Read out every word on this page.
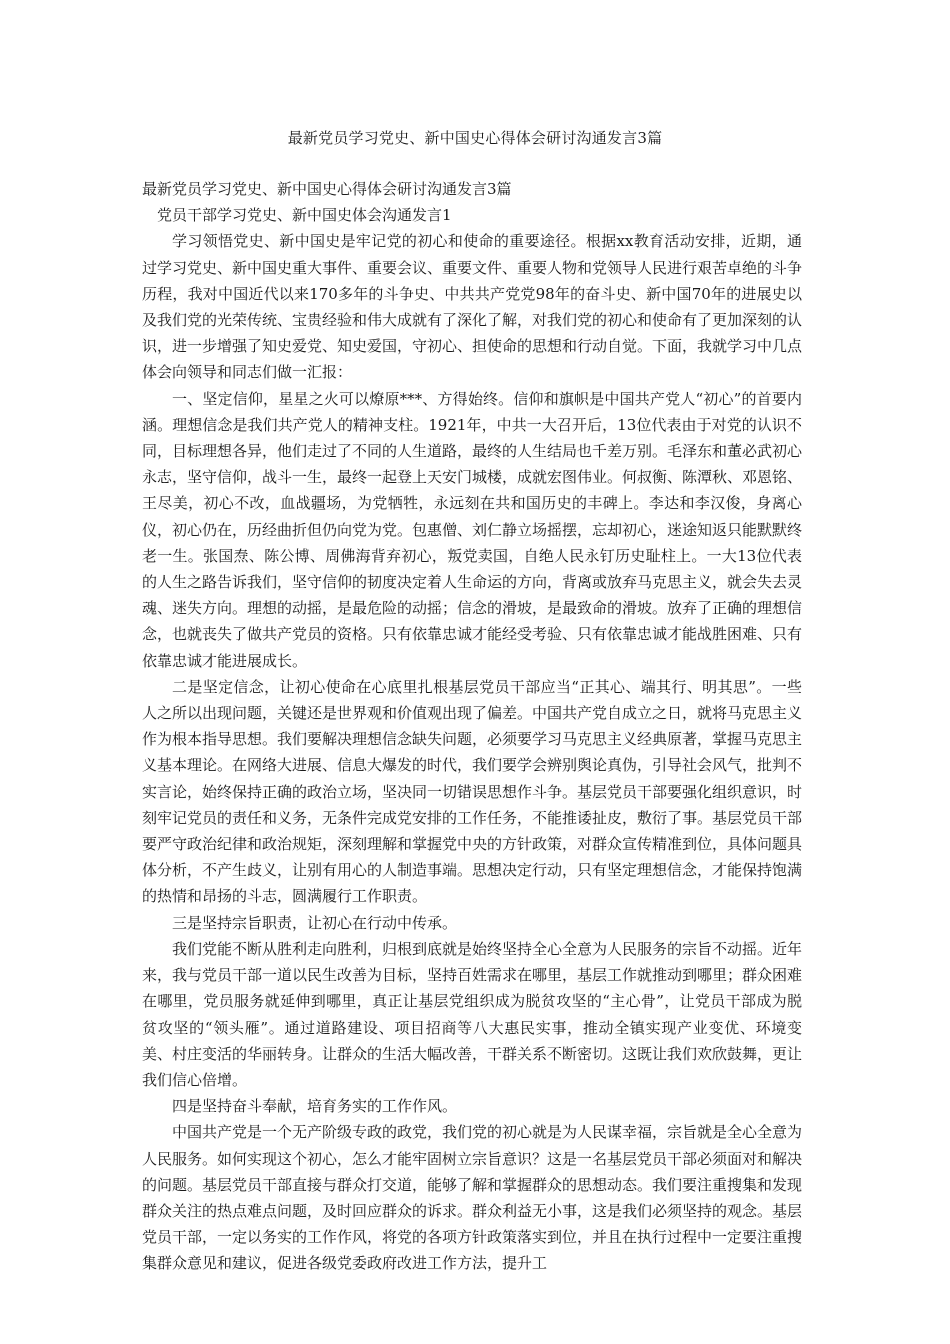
最新党员学习党史、新中国史心得体会研讨沟通发言3篇

最新党员学习党史、新中国史心得体会研讨沟通发言3篇

党员干部学习党史、新中国史体会沟通发言1

学习领悟党史、新中国史是牢记党的初心和使命的重要途径。根据xx教育活动安排，近期，通过学习党史、新中国史重大事件、重要会议、重要文件、重要人物和党领导人民进行艰苦卓绝的斗争历程，我对中国近代以来170多年的斗争史、中共共产党党98年的奋斗史、新中国70年的进展史以及我们党的光荣传统、宝贵经验和伟大成就有了深化了解，对我们党的初心和使命有了更加深刻的认识，进一步增强了知史爱党、知史爱国，守初心、担使命的思想和行动自觉。下面，我就学习中几点体会向领导和同志们做一汇报：

一、坚定信仰，星星之火可以燎原***、方得始终。信仰和旗帜是中国共产党人“初心”的首要内涵。理想信念是我们共产党人的精神支柱。1921年，中共一大召开后，13位代表由于对党的认识不同，目标理想各异，他们走过了不同的人生道路，最终的人生结局也千差万别。毛泽东和董必武初心永志，坚守信仰，战斗一生，最终一起登上天安门城楼，成就宏图伟业。何叔衡、陈潭秋、邓恩铭、王尽美，初心不改，血战疆场，为党牺牲，永远刻在共和国历史的丰碑上。李达和李汉俊，身离心仪，初心仍在，历经曲折但仍向党为党。包惠僧、刘仁静立场摇摆，忘却初心，迷途知返只能默默终老一生。张国焘、陈公博、周佛海背弃初心，叛党卖国，自绝人民永钉历史耻柱上。一大13位代表的人生之路告诉我们，坚守信仰的韧度决定着人生命运的方向，背离或放弃马克思主义，就会失去灵魂、迷失方向。理想的动摇，是最危险的动摇；信念的滑坡，是最致命的滑坡。放弃了正确的理想信念，也就丧失了做共产党员的资格。只有依靠忠诚才能经受考验、只有依靠忠诚才能战胜困难、只有依靠忠诚才能进展成长。

二是坚定信念，让初心使命在心底里扎根基层党员干部应当“正其心、端其行、明其思”。一些人之所以出现问题，关键还是世界观和价值观出现了偏差。中国共产党自成立之日，就将马克思主义作为根本指导思想。我们要解决理想信念缺失问题，必须要学习马克思主义经典原著，掌握马克思主义基本理论。在网络大进展、信息大爆发的时代，我们要学会辨别舆论真伪，引导社会风气，批判不实言论，始终保持正确的政治立场，坚决同一切错误思想作斗争。基层党员干部要强化组织意识，时刻牢记党员的责任和义务，无条件完成党安排的工作任务，不能推诿扯皮，敷衍了事。基层党员干部要严守政治纪律和政治规矩，深刻理解和掌握党中央的方针政策，对群众宣传精准到位，具体问题具体分析，不产生歧义，让别有用心的人制造事端。思想决定行动，只有坚定理想信念，才能保持饱满的热情和昂扬的斗志，圆满履行工作职责。

三是坚持宗旨职责，让初心在行动中传承。

我们党能不断从胜利走向胜利，归根到底就是始终坚持全心全意为人民服务的宗旨不动摇。近年来，我与党员干部一道以民生改善为目标，坚持百姓需求在哪里，基层工作就推动到哪里；群众困难在哪里，党员服务就延伸到哪里，真正让基层党组织成为脱贫攻坚的“主心骨”，让党员干部成为脱贫攻坚的“领头雁”。通过道路建设、项目招商等八大惠民实事，推动全镇实现产业变优、环境变美、村庄变活的华丽转身。让群众的生活大幅改善，干群关系不断密切。这既让我们欢欣鼓舞，更让我们信心倍增。

四是坚持奋斗奉献，培育务实的工作作风。

中国共产党是一个无产阶级专政的政党，我们党的初心就是为人民谋幸福，宗旨就是全心全意为人民服务。如何实现这个初心，怎么才能牢固树立宗旨意识？这是一名基层党员干部必须面对和解决的问题。基层党员干部直接与群众打交道，能够了解和掌握群众的思想动态。我们要注重搜集和发现群众关注的热点难点问题，及时回应群众的诉求。群众利益无小事，这是我们必须坚持的观念。基层党员干部，一定以务实的工作作风，将党的各项方针政策落实到位，并且在执行过程中一定要注重搜集群众意见和建议，促进各级党委政府改进工作方法，提升工
